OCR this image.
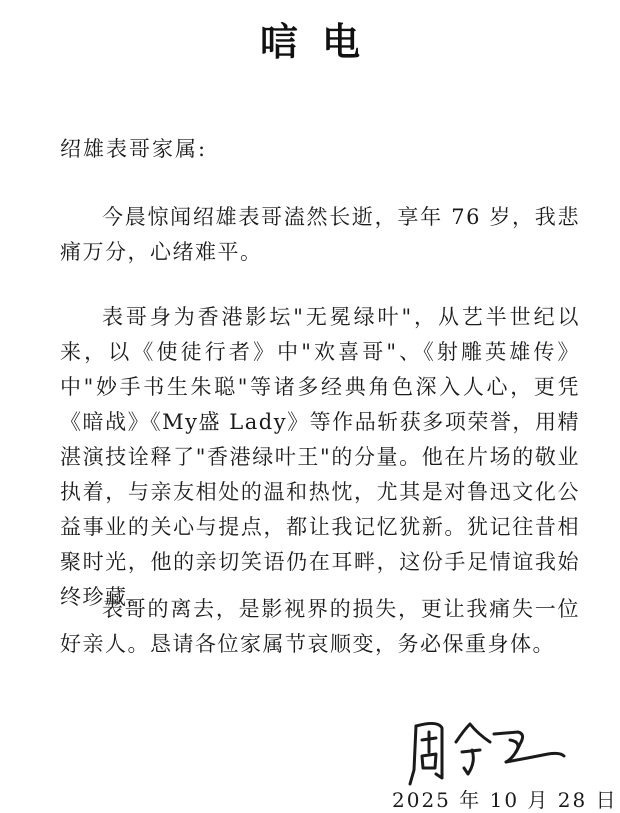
唁电
绍雄表哥家属:

今晨惊闻绍雄表哥溘然长逝，享年 76 岁，我悲痛万分，心绪难平。

表哥身为香港影坛"无冕绿叶"，从艺半世纪以来，以《使徒行者》中"欢喜哥"、《射雕英雄传》中"妙手书生朱聪"等诸多经典角色深入人心，更凭《暗战》《My盛 Lady》等作品斩获多项荣誉，用精湛演技诠释了"香港绿叶王"的分量。他在片场的敬业执着，与亲友相处的温和热忱，尤其是对鲁迅文化公益事业的关心与提点，都让我记忆犹新。犹记往昔相聚时光，他的亲切笑语仍在耳畔，这份手足情谊我始终珍藏。

表哥的离去，是影视界的损失，更让我痛失一位好亲人。恳请各位家属节哀顺变，务必保重身体。

2025 年 10 月 28 日
